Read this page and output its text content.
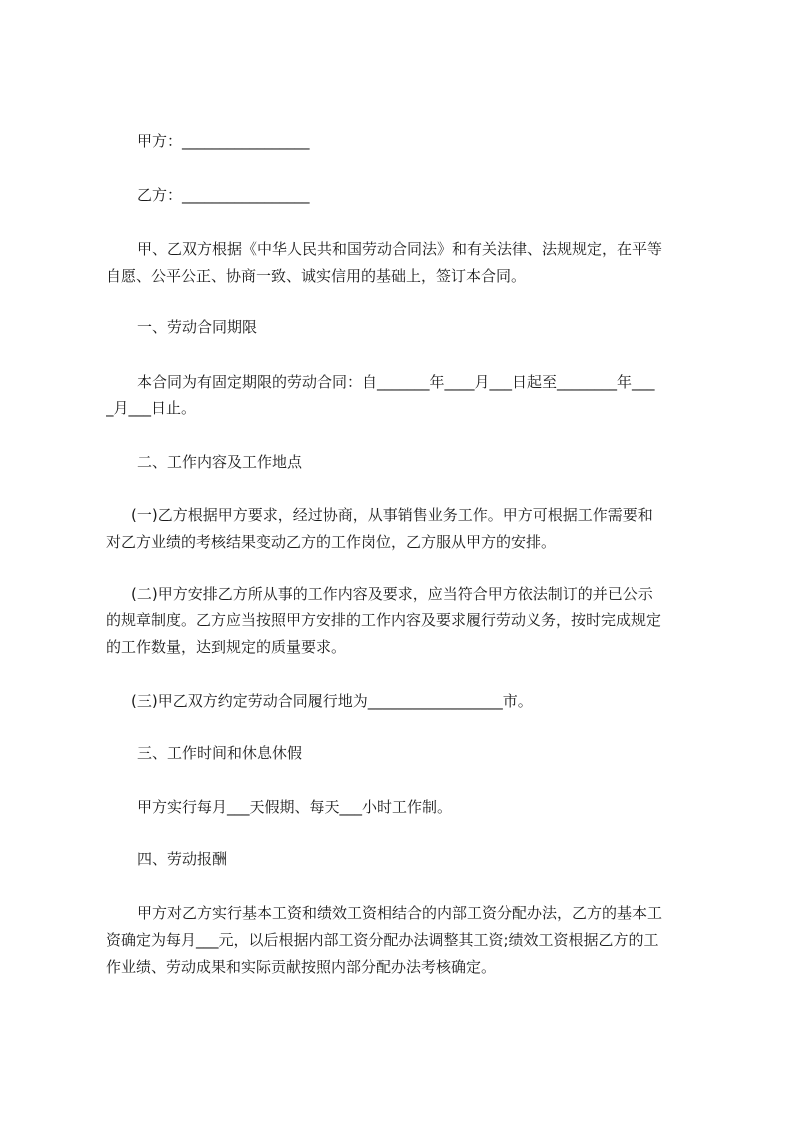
甲方：_________________
乙方：_________________
甲、乙双方根据《中华人民共和国劳动合同法》和有关法律、法规规定，在平等
自愿、公平公正、协商一致、诚实信用的基础上，签订本合同。
一、劳动合同期限
本合同为有固定期限的劳动合同：自_______年____月___日起至________年___
_月___日止。
二、工作内容及工作地点
(一)乙方根据甲方要求，经过协商，从事销售业务工作。甲方可根据工作需要和
对乙方业绩的考核结果变动乙方的工作岗位，乙方服从甲方的安排。
(二)甲方安排乙方所从事的工作内容及要求，应当符合甲方依法制订的并已公示
的规章制度。乙方应当按照甲方安排的工作内容及要求履行劳动义务，按时完成规定
的工作数量，达到规定的质量要求。
(三)甲乙双方约定劳动合同履行地为__________________市。
三、工作时间和休息休假
甲方实行每月___天假期、每天___小时工作制。
四、劳动报酬
甲方对乙方实行基本工资和绩效工资相结合的内部工资分配办法，乙方的基本工
资确定为每月___元，以后根据内部工资分配办法调整其工资;绩效工资根据乙方的工
作业绩、劳动成果和实际贡献按照内部分配办法考核确定。
